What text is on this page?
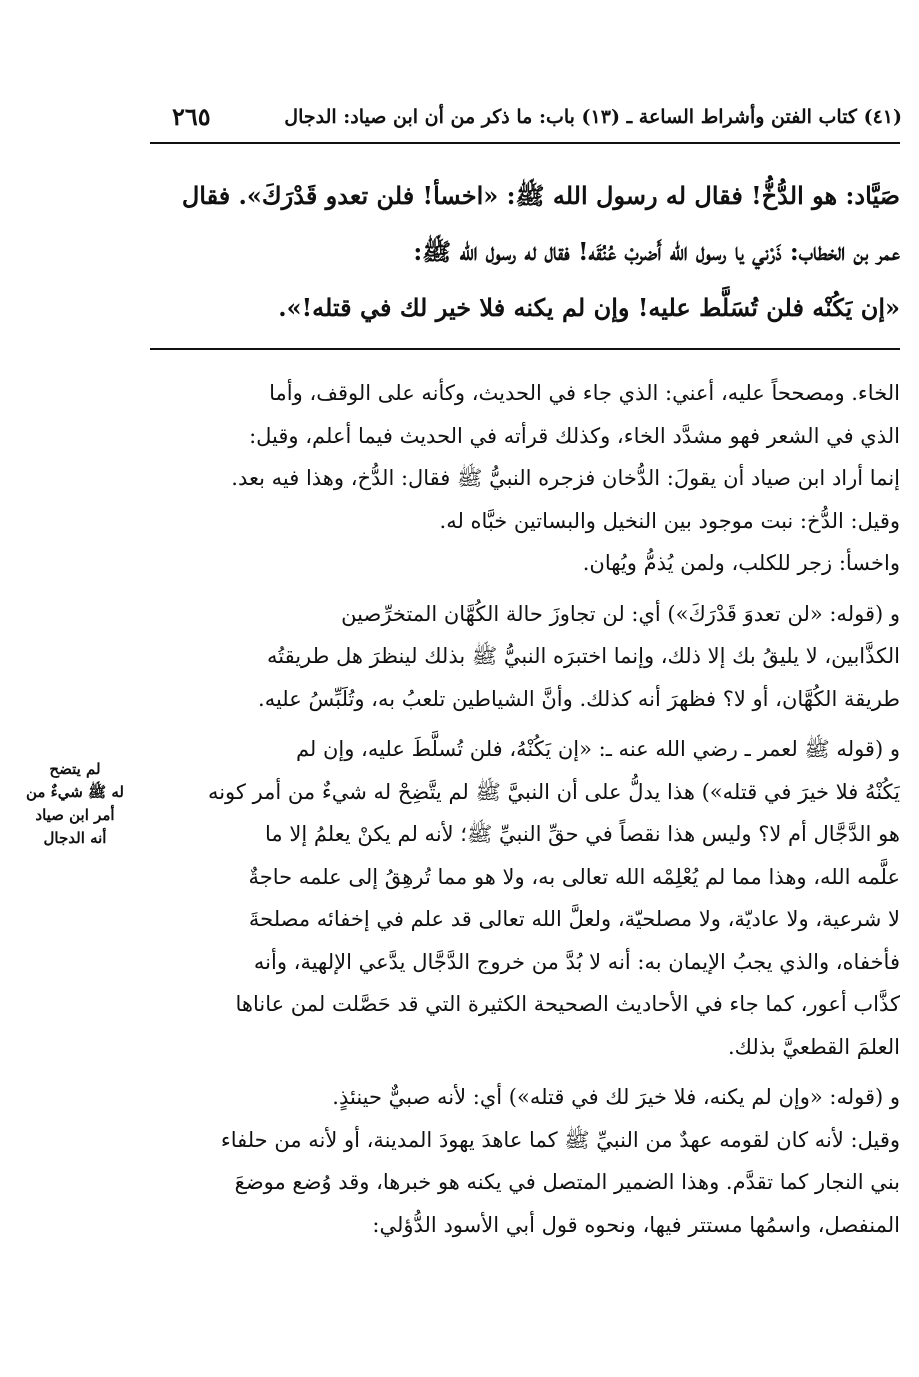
(٤١) كتاب الفتن وأشراط الساعة ـ (١٣) باب: ما ذكر من أن ابن صياد: الدجال
٢٦٥

صَيَّاد: هو الدُّخُّ! فقال له رسول الله ﷺ: «اخسأ! فلن تعدو قَدْرَكَ». فقال

عمر بن الخطاب: ذَرْني يا رسول الله أَضربْ عُنُقَه! فقال له رسول الله ﷺ:

«إن يَكُنْه فلن تُسَلَّط عليه! وإن لم يكنه فلا خير لك في قتله!».

الخاء. ومصححاً عليه، أعني: الذي جاء في الحديث، وكأنه على الوقف، وأما

الذي في الشعر فهو مشدَّد الخاء، وكذلك قرأته في الحديث فيما أعلم، وقيل:

إنما أراد ابن صياد أن يقولَ: الدُّخان فزجره النبيُّ ﷺ فقال: الدُّخ، وهذا فيه بعد.

وقيل: الدُّخ: نبت موجود بين النخيل والبساتين خبَّاه له.

واخسأ: زجر للكلب، ولمن يُذمُّ ويُهان.

و (قوله: «لن تعدوَ قَدْرَكَ») أي: لن تجاوزَ حالة الكُهَّان المتخرِّصين

الكذَّابين، لا يليقُ بك إلا ذلك، وإنما اختبرَه النبيُّ ﷺ بذلك لينظرَ هل طريقتُه

طريقة الكُهَّان، أو لا؟ فظهرَ أنه كذلك. وأنَّ الشياطين تلعبُ به، وتُلَبِّسُ عليه.

و (قوله ﷺ لعمر ـ رضي الله عنه ـ: «إن يَكُنْهُ، فلن تُسلَّطَ عليه، وإن لم

يَكُنْهُ فلا خيرَ في قتله») هذا يدلُّ على أن النبيَّ ﷺ لم يتَّضِحْ له شيءٌ من أمر كونه

هو الدَّجَّال أم لا؟ وليس هذا نقصاً في حقِّ النبيِّ ﷺ؛ لأنه لم يكنْ يعلمُ إلا ما

علَّمه الله، وهذا مما لم يُعْلِمْه الله تعالى به، ولا هو مما تُرهِقُ إلى علمه حاجةٌ

لا شرعية، ولا عاديّة، ولا مصلحيّة، ولعلَّ الله تعالى قد علم في إخفائه مصلحةَ

فأخفاه، والذي يجبُ الإيمان به: أنه لا بُدَّ من خروج الدَّجَّال يدَّعي الإلهية، وأنه

كذَّاب أعور، كما جاء في الأحاديث الصحيحة الكثيرة التي قد حَصَّلت لمن عاناها

العلمَ القطعيَّ بذلك.

و (قوله: «وإن لم يكنه، فلا خيرَ لك في قتله») أي: لأنه صبيٌّ حينئذٍ.

وقيل: لأنه كان لقومه عهدٌ من النبيِّ ﷺ كما عاهدَ يهودَ المدينة، أو لأنه من حلفاء

بني النجار كما تقدَّم. وهذا الضمير المتصل في يكنه هو خبرها، وقد وُضع موضعَ

المنفصل، واسمُها مستتر فيها، ونحوه قول أبي الأسود الدُّؤلي:

لم يتضح
له ﷺ شيءٌ من
أمر ابن صياد
أنه الدجال
